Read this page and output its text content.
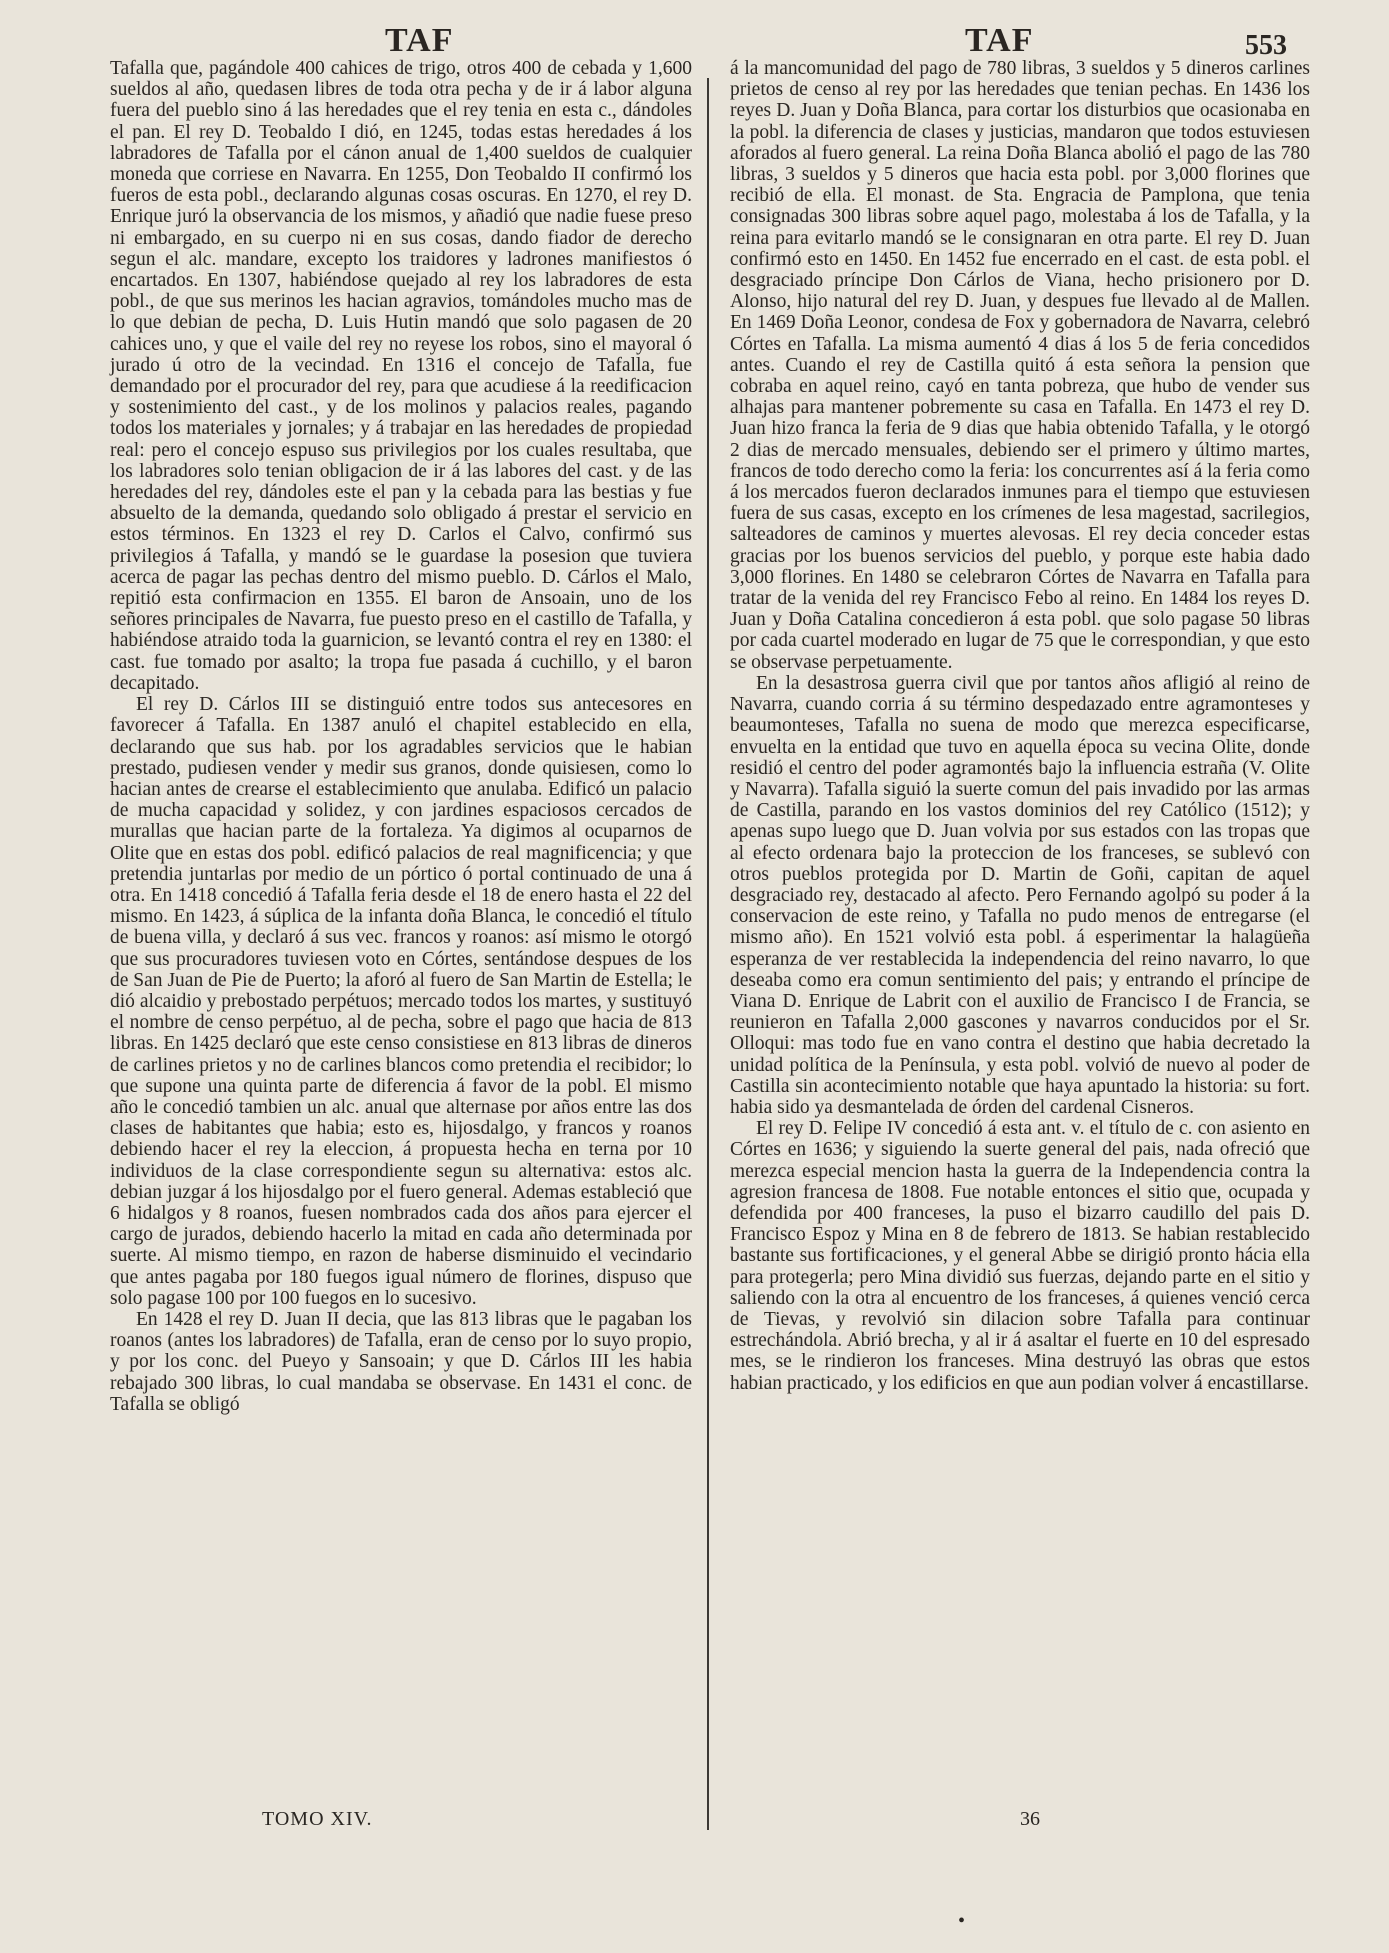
TAF	TAF	553

Tafalla que, pagándole 400 cahices de trigo, otros 400 de cebada y 1,600 sueldos al año, quedasen libres de toda otra pecha y de ir á labor alguna fuera del pueblo sino á las heredades que el rey tenia en esta c., dándoles el pan. El rey D. Teobaldo I dió, en 1245, todas estas heredades á los labradores de Tafalla por el cánon anual de 1,400 sueldos de cualquier moneda que corriese en Navarra. En 1255, Don Teobaldo II confirmó los fueros de esta pobl., declarando algunas cosas oscuras. En 1270, el rey D. Enrique juró la observancia de los mismos, y añadió que nadie fuese preso ni embargado, en su cuerpo ni en sus cosas, dando fiador de derecho segun el alc. mandare, excepto los traidores y ladrones manifiestos ó encartados. En 1307, habiéndose quejado al rey los labradores de esta pobl., de que sus merinos les hacian agravios, tomándoles mucho mas de lo que debian de pecha, D. Luis Hutin mandó que solo pagasen de 20 cahices uno, y que el vaile del rey no reyese los robos, sino el mayoral ó jurado ú otro de la vecindad. En 1316 el concejo de Tafalla, fue demandado por el procurador del rey, para que acudiese á la reedificacion y sostenimiento del cast., y de los molinos y palacios reales, pagando todos los materiales y jornales; y á trabajar en las heredades de propiedad real: pero el concejo espuso sus privilegios por los cuales resultaba, que los labradores solo tenian obligacion de ir á las labores del cast. y de las heredades del rey, dándoles este el pan y la cebada para las bestias y fue absuelto de la demanda, quedando solo obligado á prestar el servicio en estos términos. En 1323 el rey D. Carlos el Calvo, confirmó sus privilegios á Tafalla, y mandó se le guardase la posesion que tuviera acerca de pagar las pechas dentro del mismo pueblo. D. Cárlos el Malo, repitió esta confirmacion en 1355. El baron de Ansoain, uno de los señores principales de Navarra, fue puesto preso en el castillo de Tafalla, y habiéndose atraido toda la guarnicion, se levantó contra el rey en 1380: el cast. fue tomado por asalto; la tropa fue pasada á cuchillo, y el baron decapitado.

El rey D. Cárlos III se distinguió entre todos sus antecesores en favorecer á Tafalla. En 1387 anuló el chapitel establecido en ella, declarando que sus hab. por los agradables servicios que le habian prestado, pudiesen vender y medir sus granos, donde quisiesen, como lo hacian antes de crearse el establecimiento que anulaba. Edificó un palacio de mucha capacidad y solidez, y con jardines espaciosos cercados de murallas que hacian parte de la fortaleza. Ya digimos al ocuparnos de Olite que en estas dos pobl. edificó palacios de real magnificencia; y que pretendia juntarlas por medio de un pórtico ó portal continuado de una á otra. En 1418 concedió á Tafalla feria desde el 18 de enero hasta el 22 del mismo. En 1423, á súplica de la infanta doña Blanca, le concedió el título de buena villa, y declaró á sus vec. francos y roanos: así mismo le otorgó que sus procuradores tuviesen voto en Córtes, sentándose despues de los de San Juan de Pie de Puerto; la aforó al fuero de San Martin de Estella; le dió alcaidio y prebostado perpétuos; mercado todos los martes, y sustituyó el nombre de censo perpétuo, al de pecha, sobre el pago que hacia de 813 libras. En 1425 declaró que este censo consistiese en 813 libras de dineros de carlines prietos y no de carlines blancos como pretendia el recibidor; lo que supone una quinta parte de diferencia á favor de la pobl. El mismo año le concedió tambien un alc. anual que alternase por años entre las dos clases de habitantes que habia; esto es, hijosdalgo, y francos y roanos debiendo hacer el rey la eleccion, á propuesta hecha en terna por 10 individuos de la clase correspondiente segun su alternativa: estos alc. debian juzgar á los hijosdalgo por el fuero general. Ademas estableció que 6 hidalgos y 8 roanos, fuesen nombrados cada dos años para ejercer el cargo de jurados, debiendo hacerlo la mitad en cada año determinada por suerte. Al mismo tiempo, en razon de haberse disminuido el vecindario que antes pagaba por 180 fuegos igual número de florines, dispuso que solo pagase 100 por 100 fuegos en lo sucesivo.

En 1428 el rey D. Juan II decia, que las 813 libras que le pagaban los roanos (antes los labradores) de Tafalla, eran de censo por lo suyo propio, y por los conc. del Pueyo y Sansoain; y que D. Cárlos III les habia rebajado 300 libras, lo cual mandaba se observase. En 1431 el conc. de Tafalla se obligó

á la mancomunidad del pago de 780 libras, 3 sueldos y 5 dineros carlines prietos de censo al rey por las heredades que tenian pechas. En 1436 los reyes D. Juan y Doña Blanca, para cortar los disturbios que ocasionaba en la pobl. la diferencia de clases y justicias, mandaron que todos estuviesen aforados al fuero general. La reina Doña Blanca abolió el pago de las 780 libras, 3 sueldos y 5 dineros que hacia esta pobl. por 3,000 florines que recibió de ella. El monast. de Sta. Engracia de Pamplona, que tenia consignadas 300 libras sobre aquel pago, molestaba á los de Tafalla, y la reina para evitarlo mandó se le consignaran en otra parte. El rey D. Juan confirmó esto en 1450. En 1452 fue encerrado en el cast. de esta pobl. el desgraciado príncipe Don Cárlos de Viana, hecho prisionero por D. Alonso, hijo natural del rey D. Juan, y despues fue llevado al de Mallen. En 1469 Doña Leonor, condesa de Fox y gobernadora de Navarra, celebró Córtes en Tafalla. La misma aumentó 4 dias á los 5 de feria concedidos antes. Cuando el rey de Castilla quitó á esta señora la pension que cobraba en aquel reino, cayó en tanta pobreza, que hubo de vender sus alhajas para mantener pobremente su casa en Tafalla. En 1473 el rey D. Juan hizo franca la feria de 9 dias que habia obtenido Tafalla, y le otorgó 2 dias de mercado mensuales, debiendo ser el primero y último martes, francos de todo derecho como la feria: los concurrentes así á la feria como á los mercados fueron declarados inmunes para el tiempo que estuviesen fuera de sus casas, excepto en los crímenes de lesa magestad, sacrilegios, salteadores de caminos y muertes alevosas. El rey decia conceder estas gracias por los buenos servicios del pueblo, y porque este habia dado 3,000 florines. En 1480 se celebraron Córtes de Navarra en Tafalla para tratar de la venida del rey Francisco Febo al reino. En 1484 los reyes D. Juan y Doña Catalina concedieron á esta pobl. que solo pagase 50 libras por cada cuartel moderado en lugar de 75 que le correspondian, y que esto se observase perpetuamente.

En la desastrosa guerra civil que por tantos años afligió al reino de Navarra, cuando corria á su término despedazado entre agramonteses y beaumonteses, Tafalla no suena de modo que merezca especificarse, envuelta en la entidad que tuvo en aquella época su vecina Olite, donde residió el centro del poder agramontés bajo la influencia estraña (V. Olite y Navarra). Tafalla siguió la suerte comun del pais invadido por las armas de Castilla, parando en los vastos dominios del rey Católico (1512); y apenas supo luego que D. Juan volvia por sus estados con las tropas que al efecto ordenara bajo la proteccion de los franceses, se sublevó con otros pueblos protegida por D. Martin de Goñi, capitan de aquel desgraciado rey, destacado al afecto. Pero Fernando agolpó su poder á la conservacion de este reino, y Tafalla no pudo menos de entregarse (el mismo año). En 1521 volvió esta pobl. á esperimentar la halagüeña esperanza de ver restablecida la independencia del reino navarro, lo que deseaba como era comun sentimiento del pais; y entrando el príncipe de Viana D. Enrique de Labrit con el auxilio de Francisco I de Francia, se reunieron en Tafalla 2,000 gascones y navarros conducidos por el Sr. Olloqui: mas todo fue en vano contra el destino que habia decretado la unidad política de la Península, y esta pobl. volvió de nuevo al poder de Castilla sin acontecimiento notable que haya apuntado la historia: su fort. habia sido ya desmantelada de órden del cardenal Cisneros.

El rey D. Felipe IV concedió á esta ant. v. el título de c. con asiento en Córtes en 1636; y siguiendo la suerte general del pais, nada ofreció que merezca especial mencion hasta la guerra de la Independencia contra la agresion francesa de 1808. Fue notable entonces el sitio que, ocupada y defendida por 400 franceses, la puso el bizarro caudillo del pais D. Francisco Espoz y Mina en 8 de febrero de 1813. Se habian restablecido bastante sus fortificaciones, y el general Abbe se dirigió pronto hácia ella para protegerla; pero Mina dividió sus fuerzas, dejando parte en el sitio y saliendo con la otra al encuentro de los franceses, á quienes venció cerca de Tievas, y revolvió sin dilacion sobre Tafalla para continuar estrechándola. Abrió brecha, y al ir á asaltar el fuerte en 10 del espresado mes, se le rindieron los franceses. Mina destruyó las obras que estos habian practicado, y los edificios en que aun podian volver á encastillarse.

TOMO XIV.	36
•
